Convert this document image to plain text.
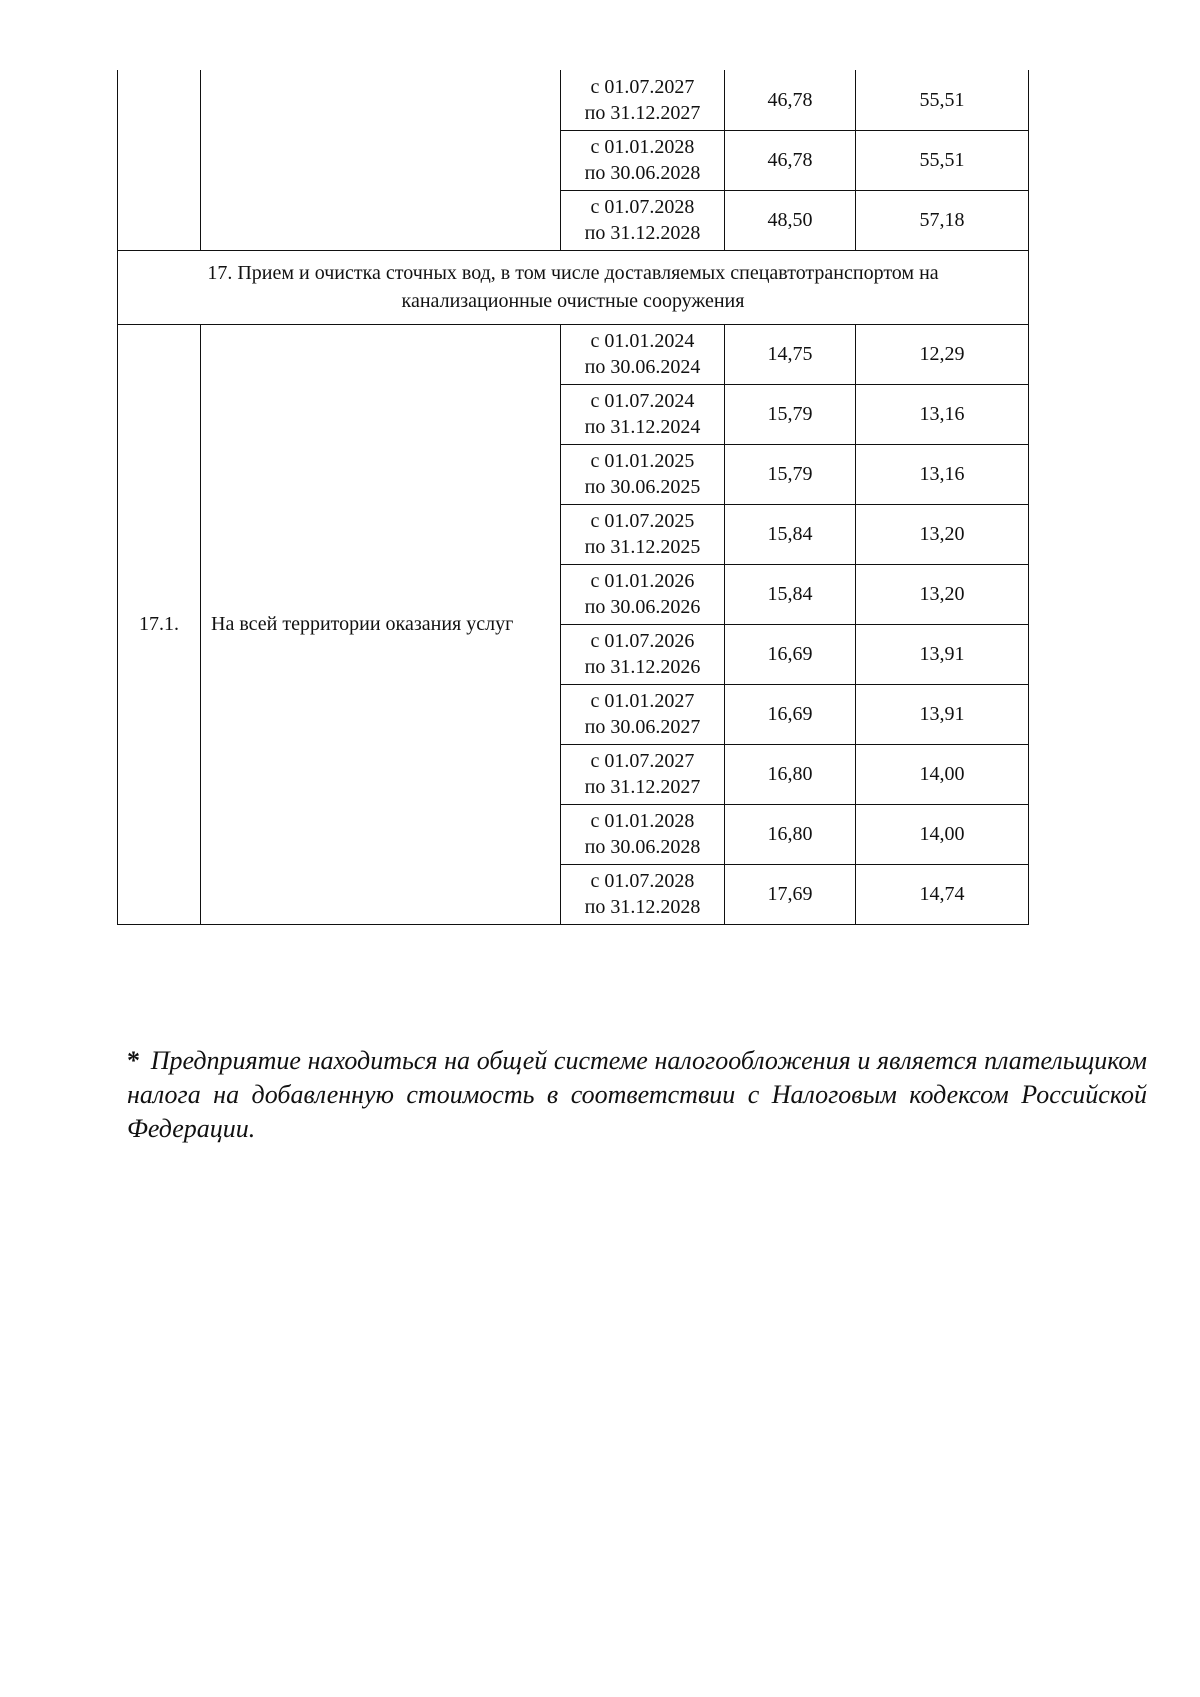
		с 01.07.2027
по 31.12.2027	46,78	55,51

		с 01.01.2028
по 30.06.2028	46,78	55,51

		с 01.07.2028
по 31.12.2028	48,50	57,18
17. Прием и очистка сточных вод, в том числе доставляемых спецавтотранспортом на канализационные очистные сооружения				
17.1.	На всей территории оказания услуг	с 01.01.2024
по 30.06.2024	14,75	12,29

		с 01.07.2024
по 31.12.2024	15,79	13,16

		с 01.01.2025
по 30.06.2025	15,79	13,16

		с 01.07.2025
по 31.12.2025	15,84	13,20

		с 01.01.2026
по 30.06.2026	15,84	13,20

		с 01.07.2026
по 31.12.2026	16,69	13,91

		с 01.01.2027
по 30.06.2027	16,69	13,91

		с 01.07.2027
по 31.12.2027	16,80	14,00

		с 01.01.2028
по 30.06.2028	16,80	14,00

		с 01.07.2028
по 31.12.2028	17,69	14,74

* Предприятие находиться на общей системе налогообложения и является плательщиком налога на добавленную стоимость в соответствии с Налоговым кодексом Российской Федерации.
